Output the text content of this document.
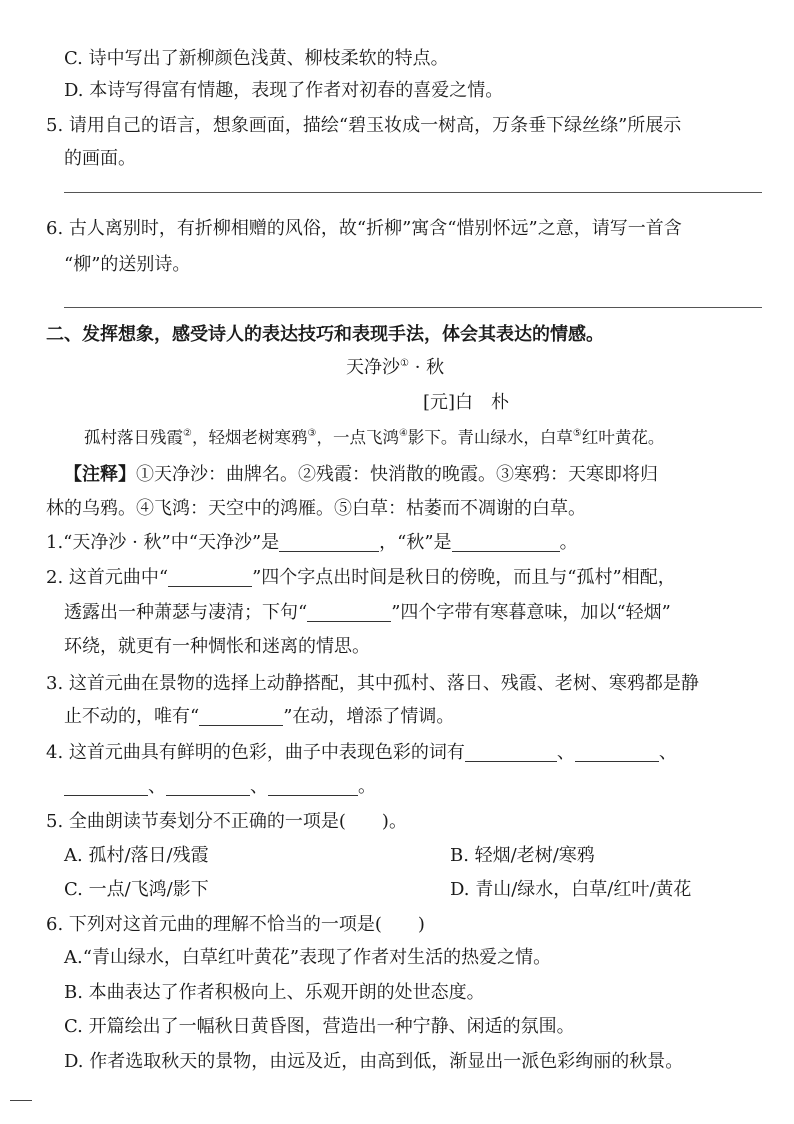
C. 诗中写出了新柳颜色浅黄、柳枝柔软的特点。
D. 本诗写得富有情趣，表现了作者对初春的喜爱之情。
5. 请用自己的语言，想象画面，描绘“碧玉妆成一树高，万条垂下绿丝绦”所展示
的画面。
6. 古人离别时，有折柳相赠的风俗，故“折柳”寓含“惜别怀远”之意，请写一首含
“柳”的送别诗。
二、发挥想象，感受诗人的表达技巧和表现手法，体会其表达的情感。
天净沙① · 秋
[元]白　朴
孤村落日残霞②，轻烟老树寒鸦③，一点飞鸿④影下。青山绿水，白草⑤红叶黄花。
【注释】①天净沙：曲牌名。②残霞：快消散的晚霞。③寒鸦：天寒即将归
林的乌鸦。④飞鸿：天空中的鸿雁。⑤白草：枯萎而不凋谢的白草。
1.“天净沙 · 秋”中“天净沙”是	，“秋”是	。
2. 这首元曲中“	”四个字点出时间是秋日的傍晚，而且与“孤村”相配，
透露出一种萧瑟与凄清；下句“	”四个字带有寒暮意味，加以“轻烟”
环绕，就更有一种惆怅和迷离的情思。
3. 这首元曲在景物的选择上动静搭配，其中孤村、落日、残霞、老树、寒鸦都是静
止不动的，唯有“	”在动，增添了情调。
4. 这首元曲具有鲜明的色彩，曲子中表现色彩的词有	、	、
、	、	。
5. 全曲朗读节奏划分不正确的一项是(　　)。
A. 孤村/落日/残霞	B. 轻烟/老树/寒鸦
C. 一点/飞鸿/影下	D. 青山/绿水，白草/红叶/黄花
6. 下列对这首元曲的理解不恰当的一项是(　　)
A.“青山绿水，白草红叶黄花”表现了作者对生活的热爱之情。
B. 本曲表达了作者积极向上、乐观开朗的处世态度。
C. 开篇绘出了一幅秋日黄昏图，营造出一种宁静、闲适的氛围。
D. 作者选取秋天的景物，由远及近，由高到低，渐显出一派色彩绚丽的秋景。
